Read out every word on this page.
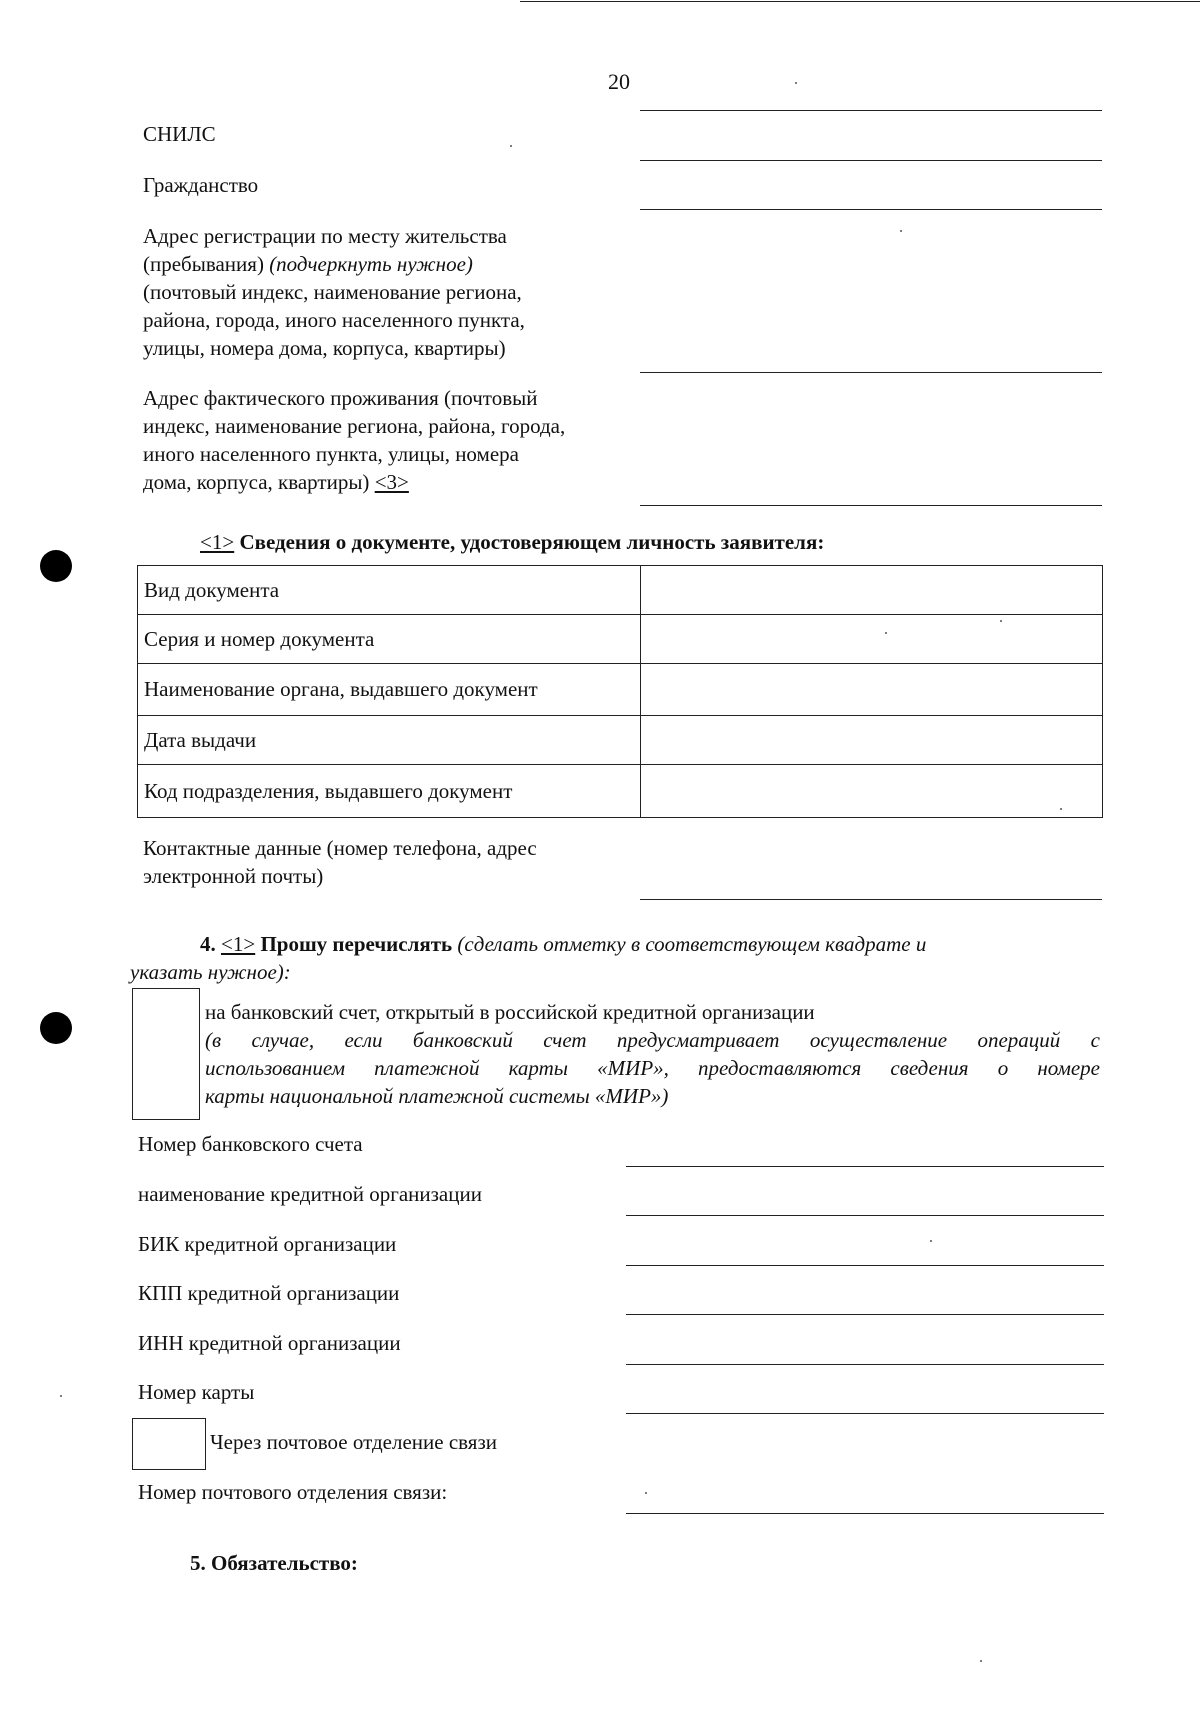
20
СНИЛС
Гражданство
Адрес регистрации по месту жительства
(пребывания) (подчеркнуть нужное)
(почтовый индекс, наименование региона,
района, города, иного населенного пункта,
улицы, номера дома, корпуса, квартиры)
Адрес фактического проживания (почтовый
индекс, наименование региона, района, города,
иного населенного пункта, улицы, номера
дома, корпуса, квартиры) <3>
<1> Сведения о документе, удостоверяющем личность заявителя:
Вид документа	
Серия и номер документа	
Наименование органа, выдавшего документ	
Дата выдачи	
Код подразделения, выдавшего документ	
Контактные данные (номер телефона, адрес
электронной почты)
4. <1> Прошу перечислять (сделать отметку в соответствующем квадрате и
указать нужное):
на банковский счет, открытый в российской кредитной организации
(в случае, если банковский счет предусматривает осуществление операций с
использованием платежной карты «МИР», предоставляются сведения о номере
карты национальной платежной системы «МИР»)
Номер банковского счета
наименование кредитной организации
БИК кредитной организации
КПП кредитной организации
ИНН кредитной организации
Номер карты
Через почтовое отделение связи
Номер почтового отделения связи:
5. Обязательство:
